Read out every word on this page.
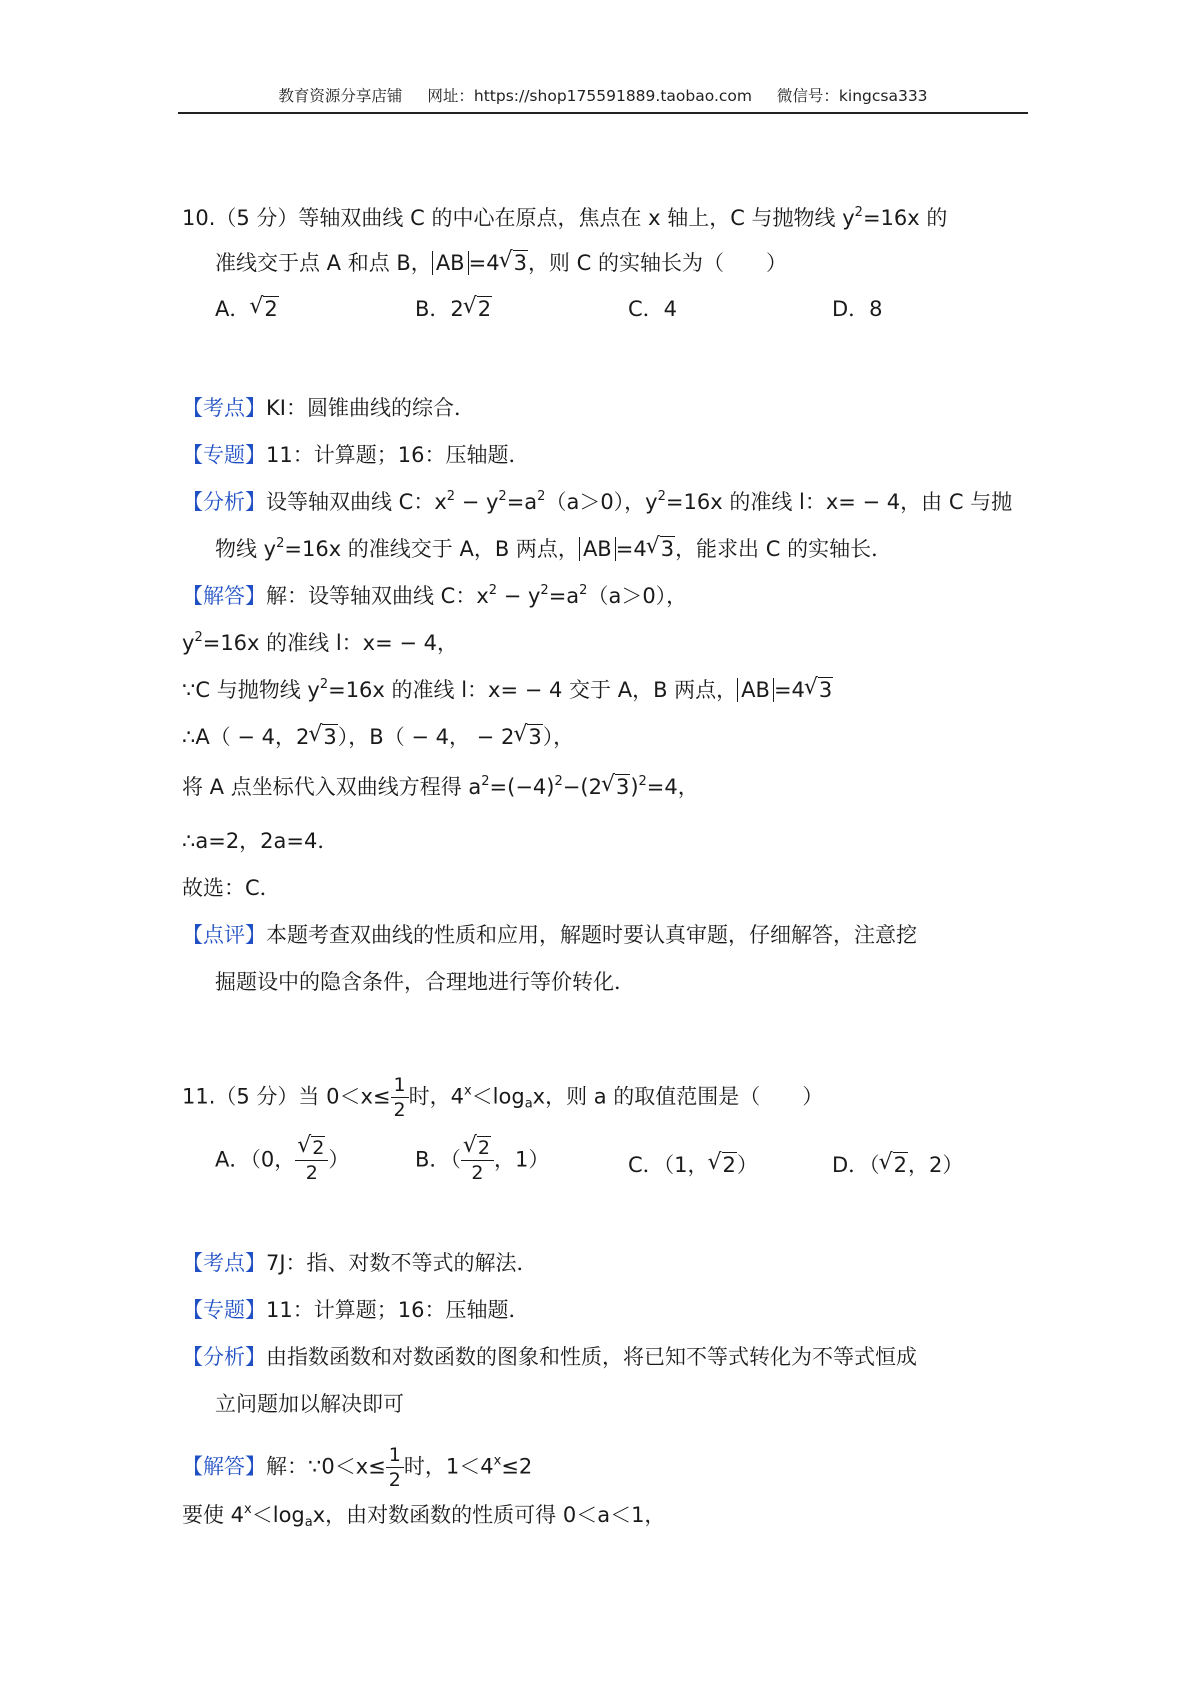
教育资源分享店铺 网址：https://shop175591889.taobao.com 微信号：kingcsa333
10.（5 分）等轴双曲线 C 的中心在原点，焦点在 x 轴上，C 与抛物线 $y^2=16x$ 的
准线交于点 A 和点 B， AB =4√ 3，则 C 的实轴长为（　　）
A．√ 2	B．2√ 2	C．4	D．8
【考点】KI：圆锥曲线的综合．
【专题】11：计算题；16：压轴题．
【分析】设等轴双曲线 C：$x^2 - y^2=a^2(a>0)$，$y^2=16x$ 的准线 l：x= − 4，由 C 与抛
物线 $y^2=16x$ 的准线交于 A，B 两点， AB =4√ 3，能求出 C 的实轴长．
【解答】解：设等轴双曲线 C：$x^2 - y^2=a^2(a>0)$，
$y^2=16x$ 的准线 l：x= − 4，
∵C 与抛物线 $y^2=16x$ 的准线 l：x= − 4 交于 A，B 两点， AB =4√ 3
∴A（ − 4，2√ 3），B（ − 4， − 2√ 3），
将 A 点坐标代入双曲线方程得 $a^2=(-4)^2-(2√$ 3)$^2$=4，
∴a=2，2a=4．
故选：C．
【点评】本题考查双曲线的性质和应用，解题时要认真审题，仔细解答，注意挖
掘题设中的隐含条件，合理地进行等价转化．
11.（5 分）当 $0<x\le \frac{1}{2}$ 时，$4^x<\log_ax$，则 a 的取值范围是（　　）
A．（0，
√ $\frac{2}{2}$ ）	B．（
√ $\frac{2}{2}$ ，1）	C．（1，√ 2）	D．（√ 2，2）
【考点】7J：指、对数不等式的解法．
【专题】11：计算题；16：压轴题．
【分析】由指数函数和对数函数的图象和性质，将已知不等式转化为不等式恒成
立问题加以解决即可
【解答】解：∵0＜x≤ $\frac{1}{2}$ 时，$1<4^x\le 2$
要使 $4^x<\log_ax$，由对数函数的性质可得 0＜a＜1，
